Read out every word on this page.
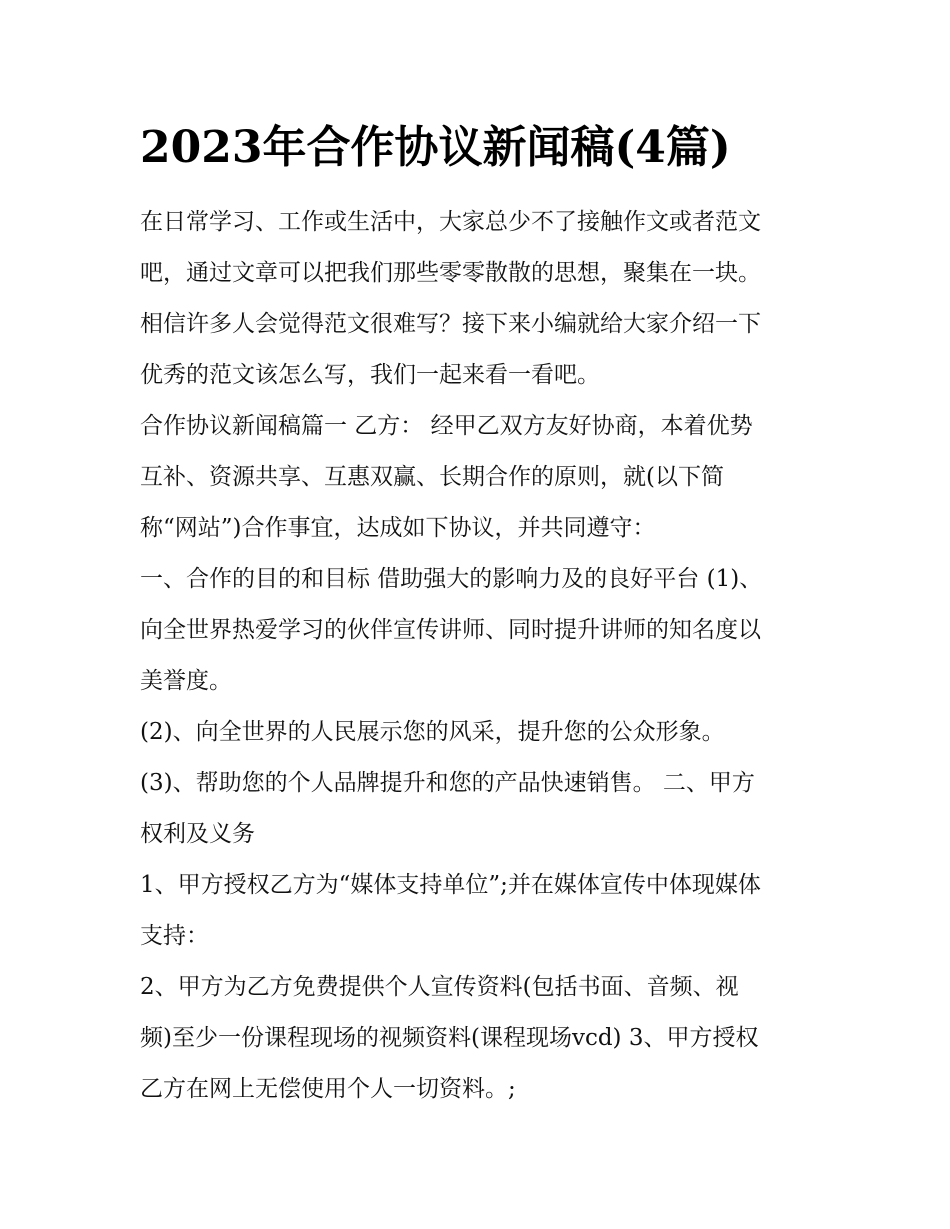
2023年合作协议新闻稿(4篇)
在日常学习、工作或生活中，大家总少不了接触作文或者范文
吧，通过文章可以把我们那些零零散散的思想，聚集在一块。
相信许多人会觉得范文很难写？接下来小编就给大家介绍一下
优秀的范文该怎么写，我们一起来看一看吧。
合作协议新闻稿篇一 乙方： 经甲乙双方友好协商，本着优势
互补、资源共享、互惠双赢、长期合作的原则，就(以下简
称“网站”)合作事宜，达成如下协议，并共同遵守：
一、合作的目的和目标 借助强大的影响力及的良好平台 (1)、
向全世界热爱学习的伙伴宣传讲师、同时提升讲师的知名度以
美誉度。
(2)、向全世界的人民展示您的风采，提升您的公众形象。
(3)、帮助您的个人品牌提升和您的产品快速销售。 二、甲方
权利及义务
1、甲方授权乙方为“媒体支持单位”;并在媒体宣传中体现媒体
支持：
2、甲方为乙方免费提供个人宣传资料(包括书面、音频、视
频)至少一份课程现场的视频资料(课程现场vcd) 3、甲方授权
乙方在网上无偿使用个人一切资料。;
